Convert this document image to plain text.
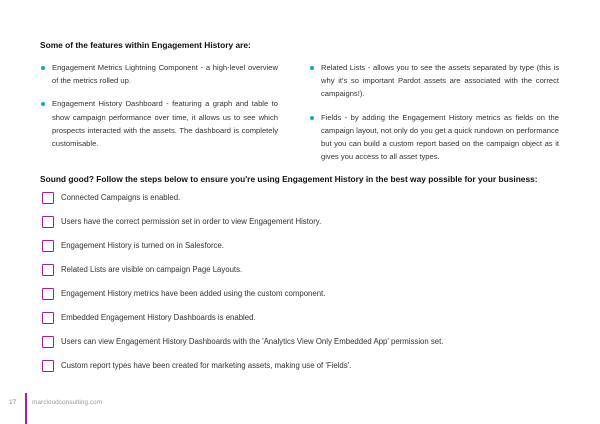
Some of the features within Engagement History are:

Engagement Metrics Lightning Component - a high-level overview of the metrics rolled up.

Engagement History Dashboard - featuring a graph and table to show campaign performance over time, it allows us to see which prospects interacted with the assets. The dashboard is completely customisable.

Related Lists - allows you to see the assets separated by type (this is why it's so important Pardot assets are associated with the correct campaigns!).

Fields - by adding the Engagement History metrics as fields on the campaign layout, not only do you get a quick rundown on performance but you can build a custom report based on the campaign object as it gives you access to all asset types.

Sound good? Follow the steps below to ensure you're using Engagement History in the best way possible for your business:
Connected Campaigns is enabled.
Users have the correct permission set in order to view Engagement History.
Engagement History is turned on in Salesforce.
Related Lists are visible on campaign Page Layouts.
Engagement History metrics have been added using the custom component.
Embedded Engagement History Dashboards is enabled.
Users can view Engagement History Dashboards with the 'Analytics View Only Embedded App' permission set.
Custom report types have been created for marketing assets, making use of 'Fields'.
17 marcloudconsulting.com
